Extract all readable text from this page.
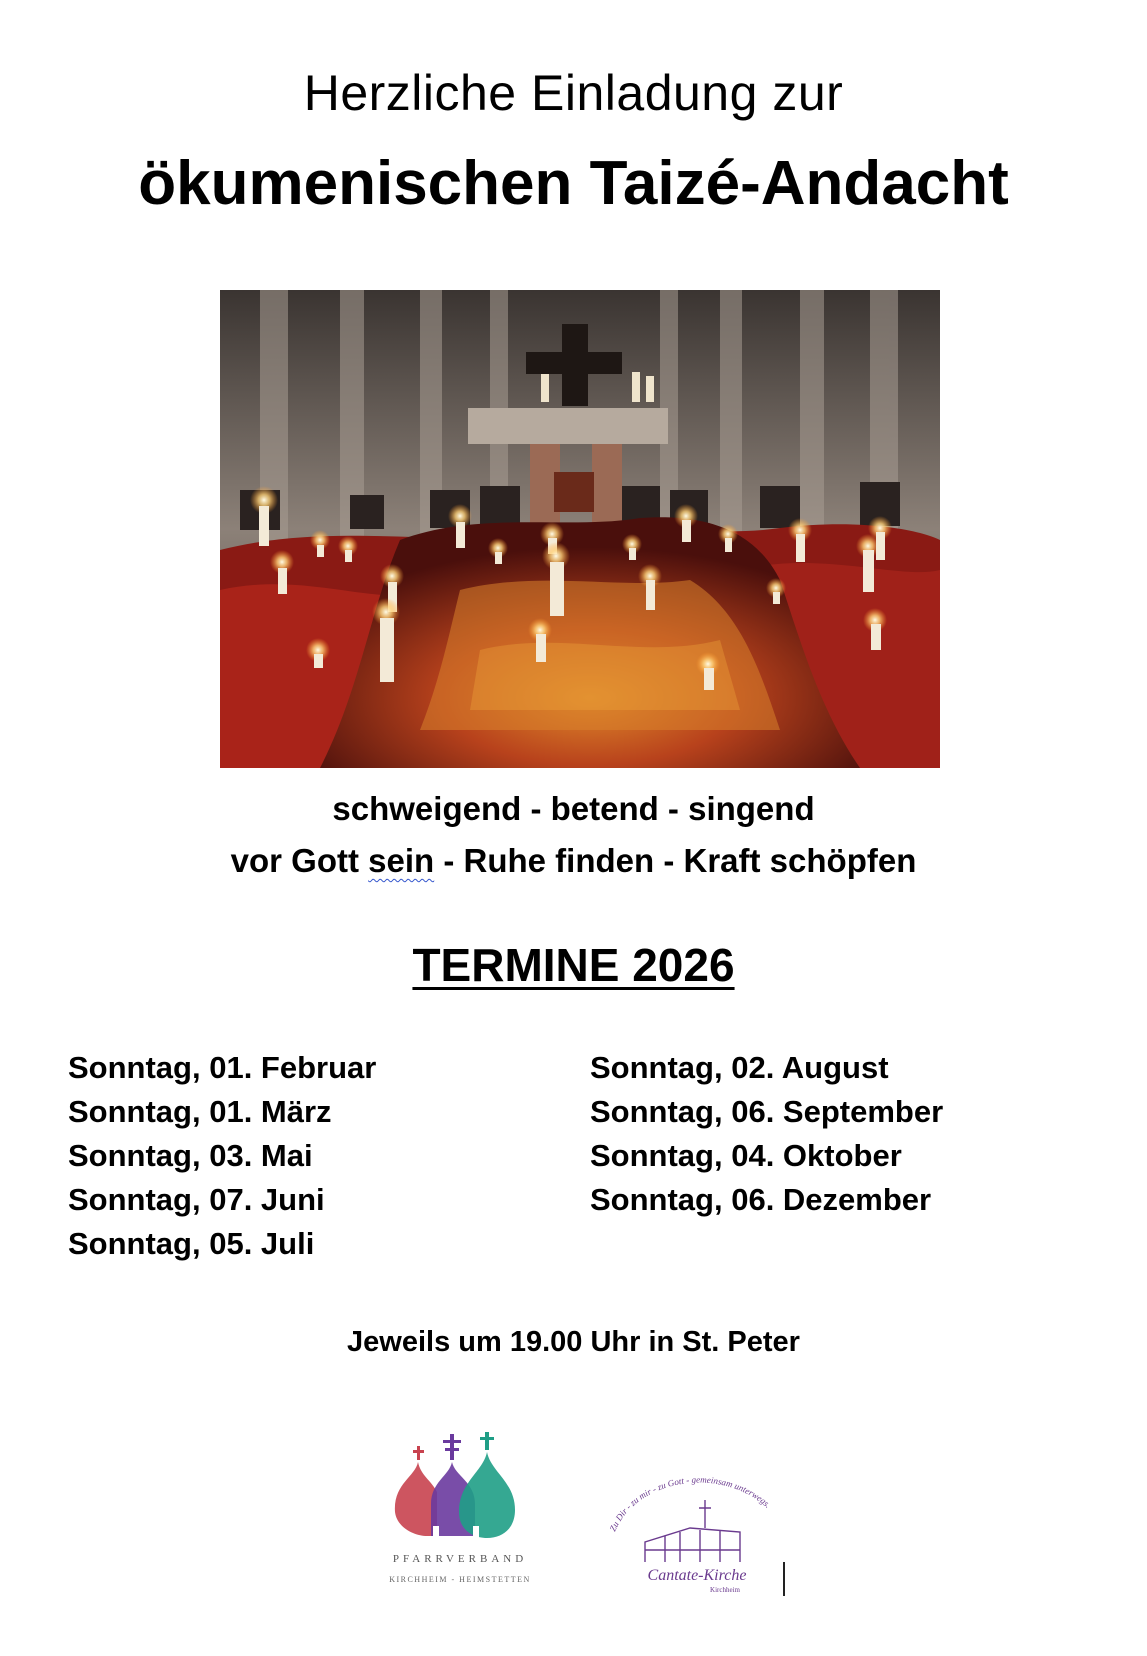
Herzliche Einladung zur
ökumenischen Taizé-Andacht
schweigend - betend - singend
vor Gott sein - Ruhe finden - Kraft schöpfen
TERMINE 2026
Sonntag, 01. Februar
Sonntag, 01. März
Sonntag, 03. Mai
Sonntag, 07. Juni
Sonntag, 05. Juli
Sonntag, 02. August
Sonntag, 06. September
Sonntag, 04. Oktober
Sonntag, 06. Dezember
Jeweils um 19.00 Uhr in St. Peter
PFARRVERBAND
KIRCHHEIM - HEIMSTETTEN
Zu Dir - zu mir - zu Gott - gemeinsam unterwegs.
Cantate-Kirche
Kirchheim
